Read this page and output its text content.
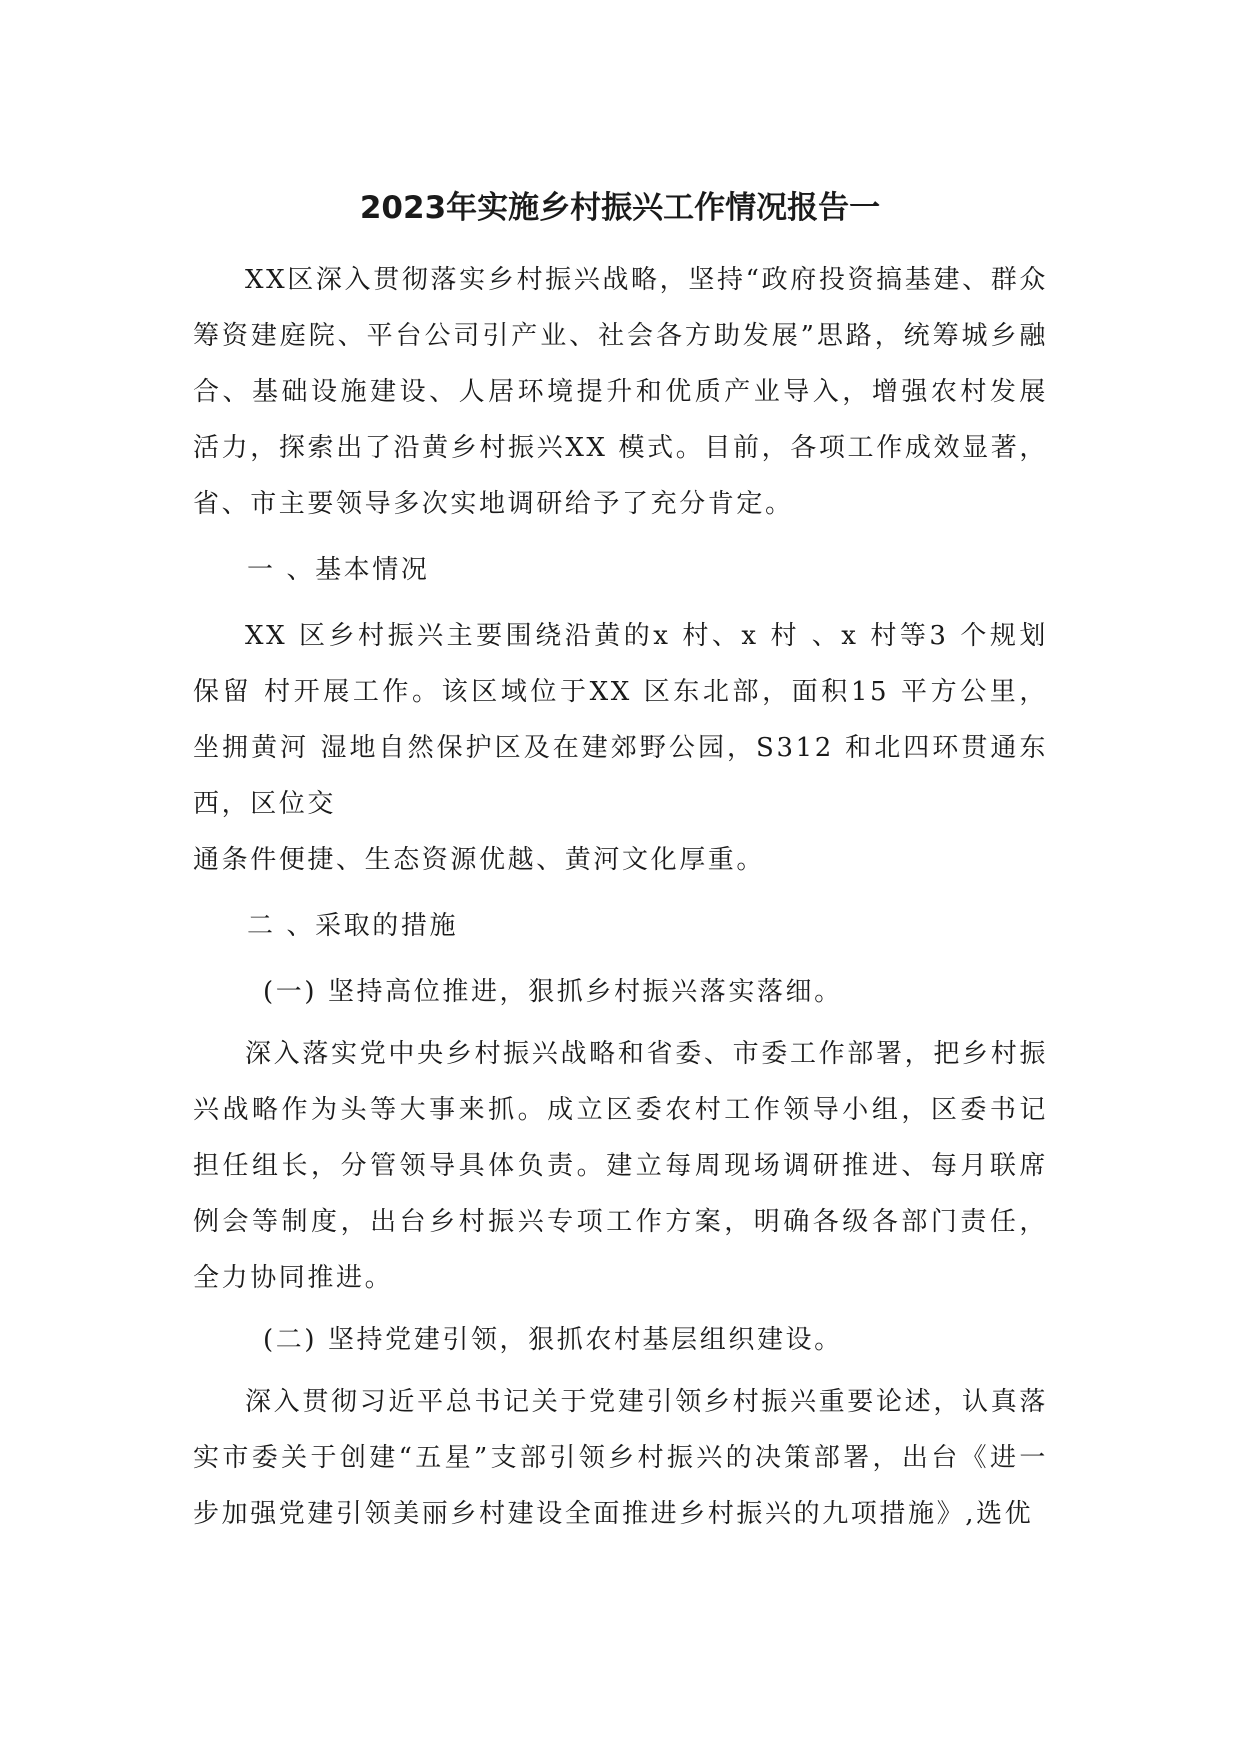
2023年实施乡村振兴工作情况报告一

XX区深入贯彻落实乡村振兴战略，坚持“政府投资搞基建、群众筹资建庭院、平台公司引产业、社会各方助发展”思路，统筹城乡融合、基础设施建设、人居环境提升和优质产业导入，增强农村发展活力，探索出了沿黄乡村振兴XX 模式。目前，各项工作成效显著，省、市主要领导多次实地调研给予了充分肯定。

一 、基本情况

XX 区乡村振兴主要围绕沿黄的x 村、x 村 、x 村等3 个规划保留 村开展工作。该区域位于XX 区东北部，面积15 平方公里，坐拥黄河 湿地自然保护区及在建郊野公园，S312 和北四环贯通东西，区位交

通条件便捷、生态资源优越、黄河文化厚重。

二 、采取的措施

(一) 坚持高位推进，狠抓乡村振兴落实落细。

深入落实党中央乡村振兴战略和省委、市委工作部署，把乡村振兴战略作为头等大事来抓。成立区委农村工作领导小组，区委书记担任组长，分管领导具体负责。建立每周现场调研推进、每月联席例会等制度，出台乡村振兴专项工作方案，明确各级各部门责任，全力协同推进。

(二) 坚持党建引领，狠抓农村基层组织建设。

深入贯彻习近平总书记关于党建引领乡村振兴重要论述，认真落实市委关于创建“五星”支部引领乡村振兴的决策部署，出台《进一步加强党建引领美丽乡村建设全面推进乡村振兴的九项措施》,选优
